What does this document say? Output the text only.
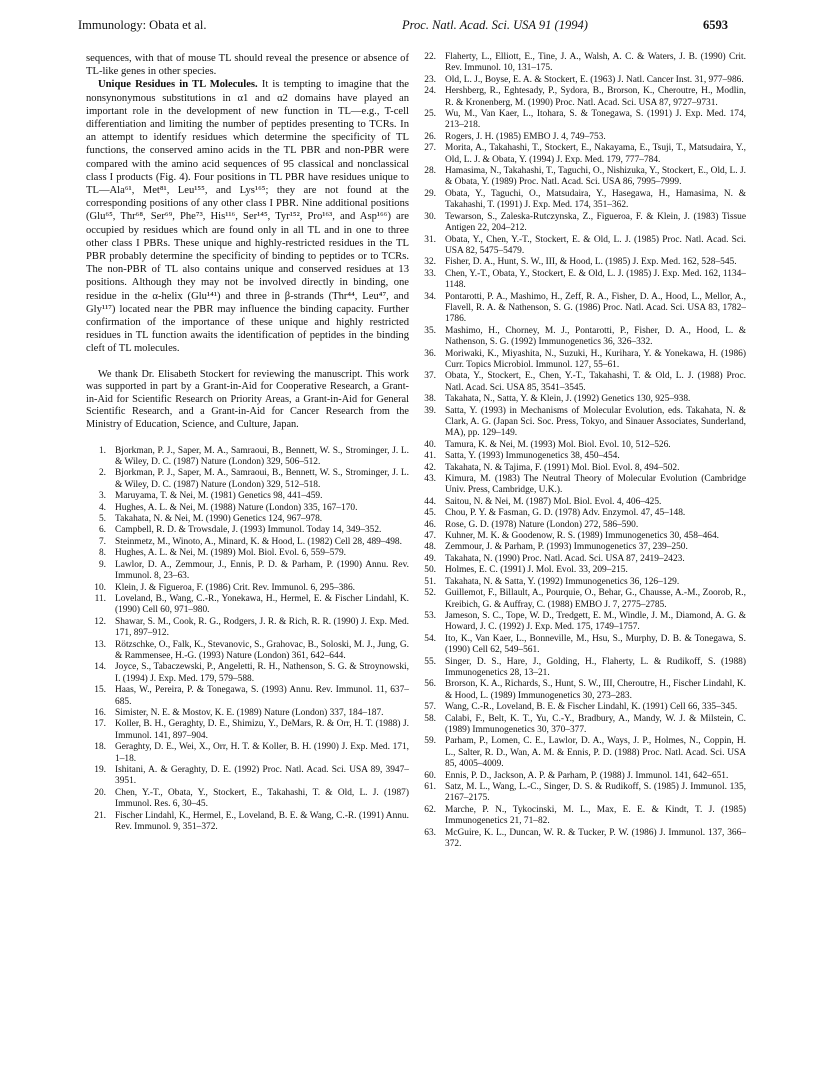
Immunology: Obata et al.	Proc. Natl. Acad. Sci. USA 91 (1994)	6593

sequences, with that of mouse TL should reveal the presence or absence of TL-like genes in other species.

Unique Residues in TL Molecules. It is tempting to imagine that the nonsynonymous substitutions in α1 and α2 domains have played an important role in the development of new function in TL—e.g., T-cell differentiation and limiting the number of peptides presenting to TCRs. In an attempt to identify residues which determine the specificity of TL functions, the conserved amino acids in the TL PBR and non-PBR were compared with the amino acid sequences of 95 classical and nonclassical class I products (Fig. 4). Four positions in TL PBR have residues unique to TL—Ala⁶¹, Met⁸¹, Leu¹⁵⁵, and Lys¹⁶⁵; they are not found at the corresponding positions of any other class I PBR. Nine additional positions (Glu⁶⁵, Thr⁶⁸, Ser⁶⁹, Phe⁷³, His¹¹⁶, Ser¹⁴⁵, Tyr¹⁵², Pro¹⁶³, and Asp¹⁶⁶) are occupied by residues which are found only in all TL and in one to three other class I PBRs. These unique and highly-restricted residues in the TL PBR probably determine the specificity of binding to peptides or to TCRs. The non-PBR of TL also contains unique and conserved residues at 13 positions. Although they may not be involved directly in binding, one residue in the α-helix (Glu¹⁴¹) and three in β-strands (Thr⁴⁴, Leu⁴⁷, and Gly¹¹⁷) located near the PBR may influence the binding capacity. Further confirmation of the importance of these unique and highly restricted residues in TL function awaits the identification of peptides in the binding cleft of TL molecules.

We thank Dr. Elisabeth Stockert for reviewing the manuscript. This work was supported in part by a Grant-in-Aid for Cooperative Research, a Grant-in-Aid for Scientific Research on Priority Areas, a Grant-in-Aid for General Scientific Research, and a Grant-in-Aid for Cancer Research from the Ministry of Education, Science, and Culture, Japan.

1. Bjorkman, P. J., Saper, M. A., Samraoui, B., Bennett, W. S., Strominger, J. L. & Wiley, D. C. (1987) Nature (London) 329, 506–512.
2. Bjorkman, P. J., Saper, M. A., Samraoui, B., Bennett, W. S., Strominger, J. L. & Wiley, D. C. (1987) Nature (London) 329, 512–518.
3. Maruyama, T. & Nei, M. (1981) Genetics 98, 441–459.
4. Hughes, A. L. & Nei, M. (1988) Nature (London) 335, 167–170.
5. Takahata, N. & Nei, M. (1990) Genetics 124, 967–978.
6. Campbell, R. D. & Trowsdale, J. (1993) Immunol. Today 14, 349–352.
7. Steinmetz, M., Winoto, A., Minard, K. & Hood, L. (1982) Cell 28, 489–498.
8. Hughes, A. L. & Nei, M. (1989) Mol. Biol. Evol. 6, 559–579.
9. Lawlor, D. A., Zemmour, J., Ennis, P. D. & Parham, P. (1990) Annu. Rev. Immunol. 8, 23–63.
10. Klein, J. & Figueroa, F. (1986) Crit. Rev. Immunol. 6, 295–386.
11. Loveland, B., Wang, C.-R., Yonekawa, H., Hermel, E. & Fischer Lindahl, K. (1990) Cell 60, 971–980.
12. Shawar, S. M., Cook, R. G., Rodgers, J. R. & Rich, R. R. (1990) J. Exp. Med. 171, 897–912.
13. Rötzschke, O., Falk, K., Stevanovic, S., Grahovac, B., Soloski, M. J., Jung, G. & Rammensee, H.-G. (1993) Nature (London) 361, 642–644.
14. Joyce, S., Tabaczewski, P., Angeletti, R. H., Nathenson, S. G. & Stroynowski, I. (1994) J. Exp. Med. 179, 579–588.
15. Haas, W., Pereira, P. & Tonegawa, S. (1993) Annu. Rev. Immunol. 11, 637–685.
16. Simister, N. E. & Mostov, K. E. (1989) Nature (London) 337, 184–187.
17. Koller, B. H., Geraghty, D. E., Shimizu, Y., DeMars, R. & Orr, H. T. (1988) J. Immunol. 141, 897–904.
18. Geraghty, D. E., Wei, X., Orr, H. T. & Koller, B. H. (1990) J. Exp. Med. 171, 1–18.
19. Ishitani, A. & Geraghty, D. E. (1992) Proc. Natl. Acad. Sci. USA 89, 3947–3951.
20. Chen, Y.-T., Obata, Y., Stockert, E., Takahashi, T. & Old, L. J. (1987) Immunol. Res. 6, 30–45.
21. Fischer Lindahl, K., Hermel, E., Loveland, B. E. & Wang, C.-R. (1991) Annu. Rev. Immunol. 9, 351–372.
22. Flaherty, L., Elliott, E., Tine, J. A., Walsh, A. C. & Waters, J. B. (1990) Crit. Rev. Immunol. 10, 131–175.
23. Old, L. J., Boyse, E. A. & Stockert, E. (1963) J. Natl. Cancer Inst. 31, 977–986.
24. Hershberg, R., Eghtesady, P., Sydora, B., Brorson, K., Cheroutre, H., Modlin, R. & Kronenberg, M. (1990) Proc. Natl. Acad. Sci. USA 87, 9727–9731.
25. Wu, M., Van Kaer, L., Itohara, S. & Tonegawa, S. (1991) J. Exp. Med. 174, 213–218.
26. Rogers, J. H. (1985) EMBO J. 4, 749–753.
27. Morita, A., Takahashi, T., Stockert, E., Nakayama, E., Tsuji, T., Matsudaira, Y., Old, L. J. & Obata, Y. (1994) J. Exp. Med. 179, 777–784.
28. Hamasima, N., Takahashi, T., Taguchi, O., Nishizuka, Y., Stockert, E., Old, L. J. & Obata, Y. (1989) Proc. Natl. Acad. Sci. USA 86, 7995–7999.
29. Obata, Y., Taguchi, O., Matsudaira, Y., Hasegawa, H., Hamasima, N. & Takahashi, T. (1991) J. Exp. Med. 174, 351–362.
30. Tewarson, S., Zaleska-Rutczynska, Z., Figueroa, F. & Klein, J. (1983) Tissue Antigen 22, 204–212.
31. Obata, Y., Chen, Y.-T., Stockert, E. & Old, L. J. (1985) Proc. Natl. Acad. Sci. USA 82, 5475–5479.
32. Fisher, D. A., Hunt, S. W., III, & Hood, L. (1985) J. Exp. Med. 162, 528–545.
33. Chen, Y.-T., Obata, Y., Stockert, E. & Old, L. J. (1985) J. Exp. Med. 162, 1134–1148.
34. Pontarotti, P. A., Mashimo, H., Zeff, R. A., Fisher, D. A., Hood, L., Mellor, A., Flavell, R. A. & Nathenson, S. G. (1986) Proc. Natl. Acad. Sci. USA 83, 1782–1786.
35. Mashimo, H., Chorney, M. J., Pontarotti, P., Fisher, D. A., Hood, L. & Nathenson, S. G. (1992) Immunogenetics 36, 326–332.
36. Moriwaki, K., Miyashita, N., Suzuki, H., Kurihara, Y. & Yonekawa, H. (1986) Curr. Topics Microbiol. Immunol. 127, 55–61.
37. Obata, Y., Stockert, E., Chen, Y.-T., Takahashi, T. & Old, L. J. (1988) Proc. Natl. Acad. Sci. USA 85, 3541–3545.
38. Takahata, N., Satta, Y. & Klein, J. (1992) Genetics 130, 925–938.
39. Satta, Y. (1993) in Mechanisms of Molecular Evolution, eds. Takahata, N. & Clark, A. G. (Japan Sci. Soc. Press, Tokyo, and Sinauer Associates, Sunderland, MA), pp. 129–149.
40. Tamura, K. & Nei, M. (1993) Mol. Biol. Evol. 10, 512–526.
41. Satta, Y. (1993) Immunogenetics 38, 450–454.
42. Takahata, N. & Tajima, F. (1991) Mol. Biol. Evol. 8, 494–502.
43. Kimura, M. (1983) The Neutral Theory of Molecular Evolution (Cambridge Univ. Press, Cambridge, U.K.).
44. Saitou, N. & Nei, M. (1987) Mol. Biol. Evol. 4, 406–425.
45. Chou, P. Y. & Fasman, G. D. (1978) Adv. Enzymol. 47, 45–148.
46. Rose, G. D. (1978) Nature (London) 272, 586–590.
47. Kuhner, M. K. & Goodenow, R. S. (1989) Immunogenetics 30, 458–464.
48. Zemmour, J. & Parham, P. (1993) Immunogenetics 37, 239–250.
49. Takahata, N. (1990) Proc. Natl. Acad. Sci. USA 87, 2419–2423.
50. Holmes, E. C. (1991) J. Mol. Evol. 33, 209–215.
51. Takahata, N. & Satta, Y. (1992) Immunogenetics 36, 126–129.
52. Guillemot, F., Billault, A., Pourquie, O., Behar, G., Chausse, A.-M., Zoorob, R., Kreibich, G. & Auffray, C. (1988) EMBO J. 7, 2775–2785.
53. Jameson, S. C., Tope, W. D., Tredgett, E. M., Windle, J. M., Diamond, A. G. & Howard, J. C. (1992) J. Exp. Med. 175, 1749–1757.
54. Ito, K., Van Kaer, L., Bonneville, M., Hsu, S., Murphy, D. B. & Tonegawa, S. (1990) Cell 62, 549–561.
55. Singer, D. S., Hare, J., Golding, H., Flaherty, L. & Rudikoff, S. (1988) Immunogenetics 28, 13–21.
56. Brorson, K. A., Richards, S., Hunt, S. W., III, Cheroutre, H., Fischer Lindahl, K. & Hood, L. (1989) Immunogenetics 30, 273–283.
57. Wang, C.-R., Loveland, B. E. & Fischer Lindahl, K. (1991) Cell 66, 335–345.
58. Calabi, F., Belt, K. T., Yu, C.-Y., Bradbury, A., Mandy, W. J. & Milstein, C. (1989) Immunogenetics 30, 370–377.
59. Parham, P., Lomen, C. E., Lawlor, D. A., Ways, J. P., Holmes, N., Coppin, H. L., Salter, R. D., Wan, A. M. & Ennis, P. D. (1988) Proc. Natl. Acad. Sci. USA 85, 4005–4009.
60. Ennis, P. D., Jackson, A. P. & Parham, P. (1988) J. Immunol. 141, 642–651.
61. Satz, M. L., Wang, L.-C., Singer, D. S. & Rudikoff, S. (1985) J. Immunol. 135, 2167–2175.
62. Marche, P. N., Tykocinski, M. L., Max, E. E. & Kindt, T. J. (1985) Immunogenetics 21, 71–82.
63. McGuire, K. L., Duncan, W. R. & Tucker, P. W. (1986) J. Immunol. 137, 366–372.
